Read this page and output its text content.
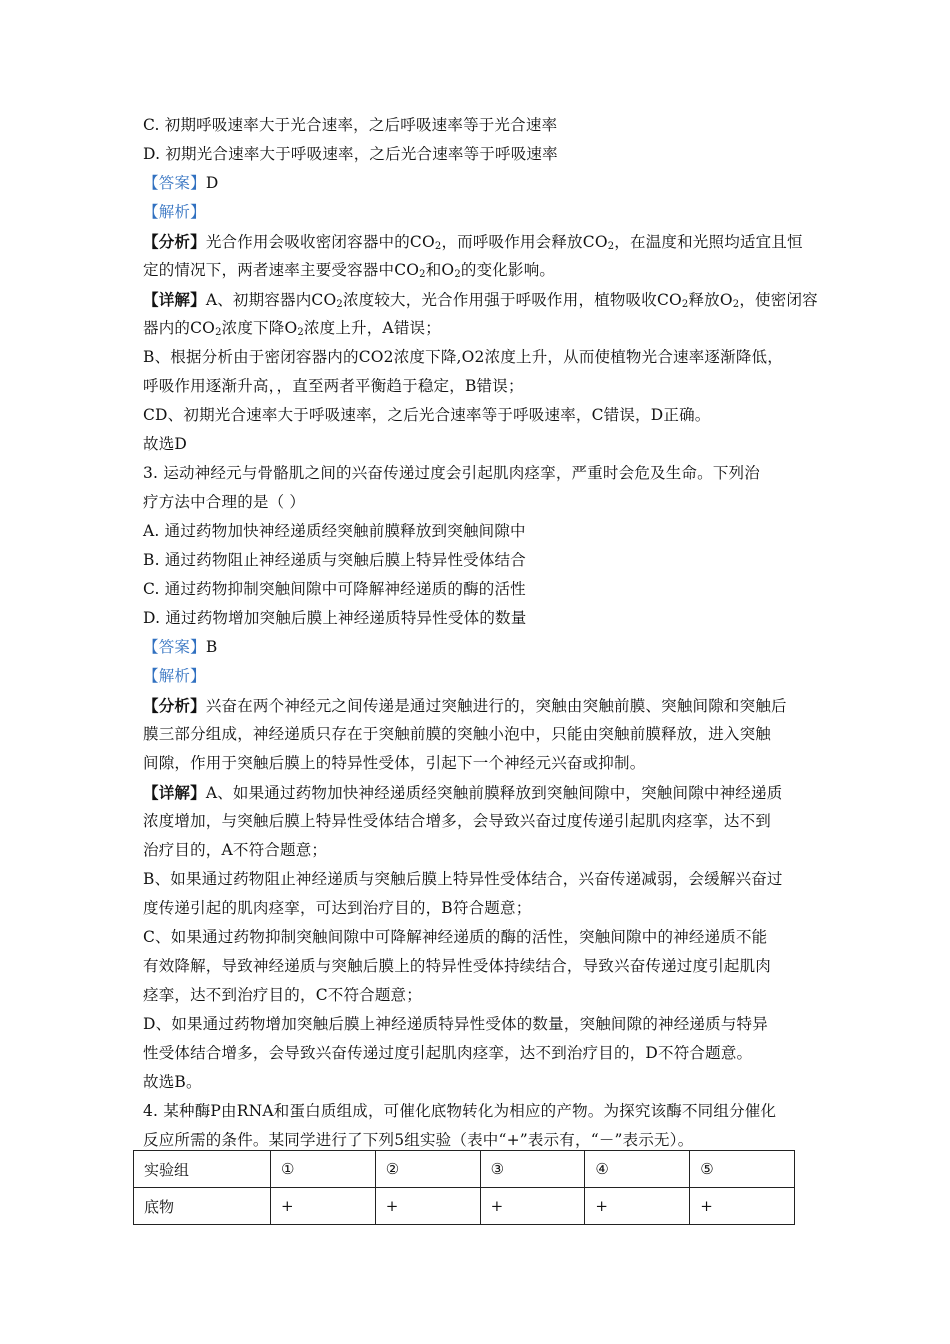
C. 初期呼吸速率大于光合速率，之后呼吸速率等于光合速率
D. 初期光合速率大于呼吸速率，之后光合速率等于呼吸速率
【答案】D
【解析】
【分析】光合作用会吸收密闭容器中的$CO_2$，而呼吸作用会释放$CO_2$，在温度和光照均适宜且恒
定的情况下，两者速率主要受容器中$CO_2$和$O_2$的变化影响。
【详解】A、初期容器内$CO_2$浓度较大，光合作用强于呼吸作用，植物吸收$CO_2$释放$O_2$，使密闭容
器内的$CO_2$浓度下降$O_2$浓度上升，A错误；
B、根据分析由于密闭容器内的CO2浓度下降,O2浓度上升，从而使植物光合速率逐渐降低，
呼吸作用逐渐升高，，直至两者平衡趋于稳定，B错误；
CD、初期光合速率大于呼吸速率，之后光合速率等于呼吸速率，C错误，D正确。
故选D
3. 运动神经元与骨骼肌之间的兴奋传递过度会引起肌肉痉挛，严重时会危及生命。下列治
疗方法中合理的是（ ）
A. 通过药物加快神经递质经突触前膜释放到突触间隙中
B. 通过药物阻止神经递质与突触后膜上特异性受体结合
C. 通过药物抑制突触间隙中可降解神经递质的酶的活性
D. 通过药物增加突触后膜上神经递质特异性受体的数量
【答案】B
【解析】
【分析】兴奋在两个神经元之间传递是通过突触进行的，突触由突触前膜、突触间隙和突触后
膜三部分组成，神经递质只存在于突触前膜的突触小泡中，只能由突触前膜释放，进入突触
间隙，作用于突触后膜上的特异性受体，引起下一个神经元兴奋或抑制。
【详解】A、如果通过药物加快神经递质经突触前膜释放到突触间隙中，突触间隙中神经递质
浓度增加，与突触后膜上特异性受体结合增多，会导致兴奋过度传递引起肌肉痉挛，达不到
治疗目的，A不符合题意；
B、如果通过药物阻止神经递质与突触后膜上特异性受体结合，兴奋传递减弱，会缓解兴奋过
度传递引起的肌肉痉挛，可达到治疗目的，B符合题意；
C、如果通过药物抑制突触间隙中可降解神经递质的酶的活性，突触间隙中的神经递质不能
有效降解，导致神经递质与突触后膜上的特异性受体持续结合，导致兴奋传递过度引起肌肉
痉挛，达不到治疗目的，C不符合题意；
D、如果通过药物增加突触后膜上神经递质特异性受体的数量，突触间隙的神经递质与特异
性受体结合增多，会导致兴奋传递过度引起肌肉痉挛，达不到治疗目的，D不符合题意。
故选B。
4. 某种酶P由RNA和蛋白质组成，可催化底物转化为相应的产物。为探究该酶不同组分催化
反应所需的条件。某同学进行了下列5组实验（表中“+”表示有，“－”表示无）。
实验组	①	②	③	④	⑤
底物	+	+	+	+	+
